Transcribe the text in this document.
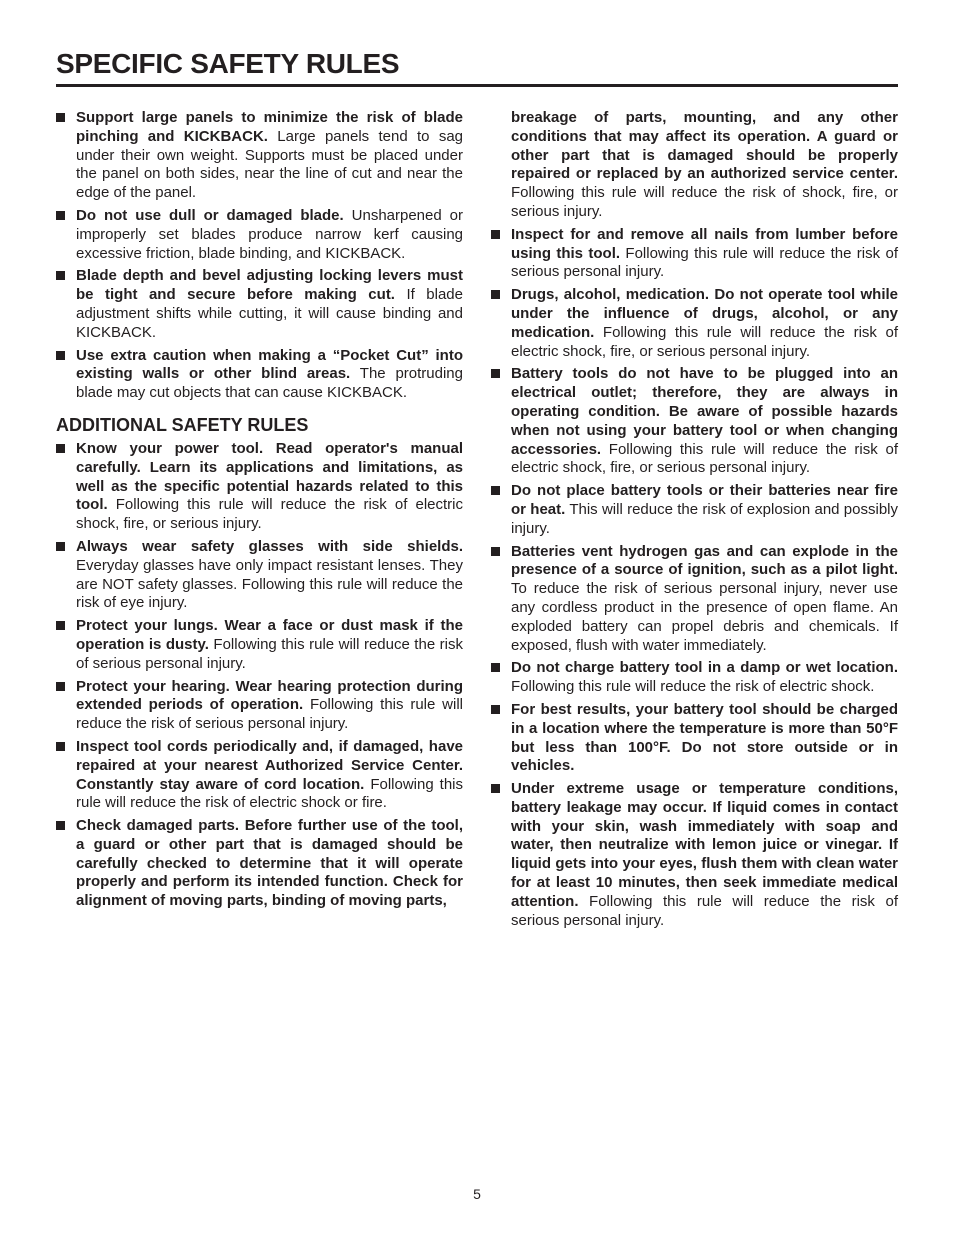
SPECIFIC SAFETY RULES
Support large panels to minimize the risk of blade pinching and KICKBACK. Large panels tend to sag under their own weight. Supports must be placed under the panel on both sides, near the line of cut and near the edge of the panel.
Do not use dull or damaged blade. Unsharpened or improperly set blades produce narrow kerf causing excessive friction, blade binding, and KICKBACK.
Blade depth and bevel adjusting locking levers must be tight and secure before making cut. If blade adjustment shifts while cutting, it will cause binding and KICKBACK.
Use extra caution when making a “Pocket Cut” into existing walls or other blind areas. The protruding blade may cut objects that can cause KICKBACK.
ADDITIONAL SAFETY RULES
Know your power tool. Read operator's manual carefully. Learn its applications and limitations, as well as the specific potential hazards related to this tool. Following this rule will reduce the risk of electric shock, fire, or serious injury.
Always wear safety glasses with side shields. Everyday glasses have only impact resistant lenses. They are NOT safety glasses. Following this rule will reduce the risk of eye injury.
Protect your lungs. Wear a face or dust mask if the operation is dusty. Following this rule will reduce the risk of serious personal injury.
Protect your hearing. Wear hearing protection during extended periods of operation. Following this rule will reduce the risk of serious personal injury.
Inspect tool cords periodically and, if damaged, have repaired at your nearest Authorized Service Center. Constantly stay aware of cord location. Following this rule will reduce the risk of electric shock or fire.
Check damaged parts. Before further use of the tool, a guard or other part that is damaged should be carefully checked to determine that it will operate properly and perform its intended function. Check for alignment of moving parts, binding of moving parts,

breakage of parts, mounting, and any other conditions that may affect its operation. A guard or other part that is damaged should be properly repaired or replaced by an authorized service center. Following this rule will reduce the risk of shock, fire, or serious injury.

Inspect for and remove all nails from lumber before using this tool. Following this rule will reduce the risk of serious personal injury.
Drugs, alcohol, medication. Do not operate tool while under the influence of drugs, alcohol, or any medication. Following this rule will reduce the risk of electric shock, fire, or serious personal injury.
Battery tools do not have to be plugged into an electrical outlet; therefore, they are always in operating condition. Be aware of possible hazards when not using your battery tool or when changing accessories. Following this rule will reduce the risk of electric shock, fire, or serious personal injury.
Do not place battery tools or their batteries near fire or heat. This will reduce the risk of explosion and possibly injury.
Batteries vent hydrogen gas and can explode in the presence of a source of ignition, such as a pilot light. To reduce the risk of serious personal injury, never use any cordless product in the presence of open flame. An exploded battery can propel debris and chemicals. If exposed, flush with water immediately.
Do not charge battery tool in a damp or wet location. Following this rule will reduce the risk of electric shock.
For best results, your battery tool should be charged in a location where the temperature is more than 50°F but less than 100°F. Do not store outside or in vehicles.
Under extreme usage or temperature conditions, battery leakage may occur. If liquid comes in contact with your skin, wash immediately with soap and water, then neutralize with lemon juice or vinegar. If liquid gets into your eyes, flush them with clean water for at least 10 minutes, then seek immediate medical attention. Following this rule will reduce the risk of serious personal injury.
5
